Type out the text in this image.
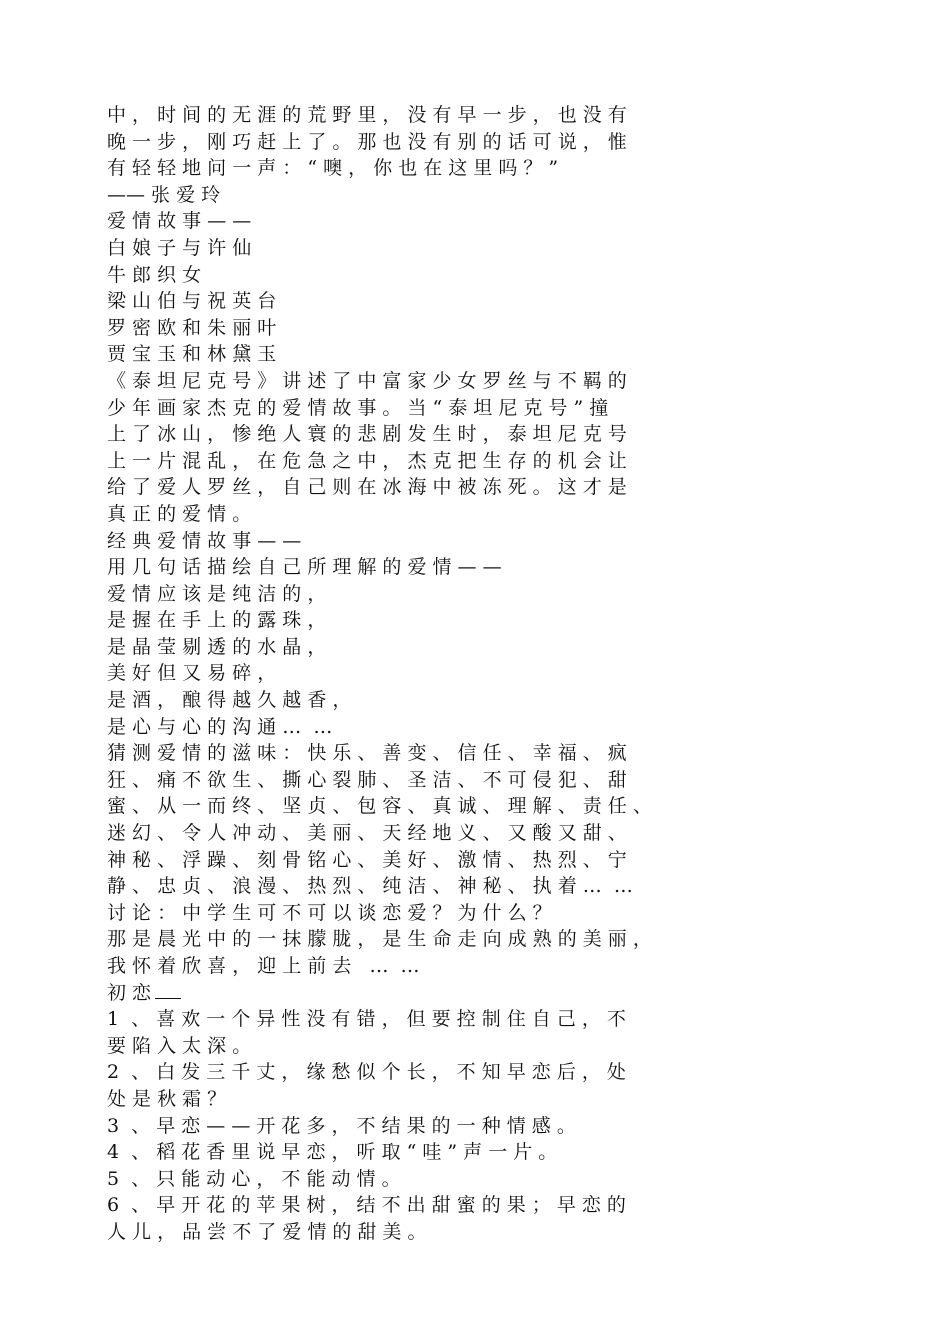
中 ， 时 间 的 无 涯 的 荒 野 里 ， 没 有 早 一 步 ， 也 没 有
晚 一 步 ， 刚 巧 赶 上 了 。 那 也 没 有 别 的 话 可 说 ， 惟
有 轻 轻 地 问 一 声 ： “ 噢 ， 你 也 在 这 里 吗 ？ ”
—— 张 爱 玲
爱 情 故 事 — —
白 娘 子 与 许 仙
牛 郎 织 女
梁 山 伯 与 祝 英 台
罗 密 欧 和 朱 丽 叶
贾 宝 玉 和 林 黛 玉
《 泰 坦 尼 克 号 》 讲 述 了 中 富 家 少 女 罗 丝 与 不 羁 的
少 年 画 家 杰 克 的 爱 情 故 事 。 当 “ 泰 坦 尼 克 号 ” 撞
上 了 冰 山 ， 惨 绝 人 寰 的 悲 剧 发 生 时 ， 泰 坦 尼 克 号
上 一 片 混 乱 ， 在 危 急 之 中 ， 杰 克 把 生 存 的 机 会 让
给 了 爱 人 罗 丝 ， 自 己 则 在 冰 海 中 被 冻 死 。 这 才 是
真 正 的 爱 情 。
经 典 爱 情 故 事 — —
用 几 句 话 描 绘 自 己 所 理 解 的 爱 情 — —
爱 情 应 该 是 纯 洁 的 ，
是 握 在 手 上 的 露 珠 ，
是 晶 莹 剔 透 的 水 晶 ，
美 好 但 又 易 碎 ，
是 酒 ， 酿 得 越 久 越 香 ，
是 心 与 心 的 沟 通 …  …
猜 测 爱 情 的 滋 味 ： 快 乐 、 善 变 、 信 任 、 幸 福 、 疯
狂 、 痛 不 欲 生 、 撕 心 裂 肺 、 圣 洁 、 不 可 侵 犯 、 甜
蜜 、 从 一 而 终 、 坚 贞 、 包 容 、 真 诚 、 理 解 、 责 任 、
迷 幻 、 令 人 冲 动 、 美 丽 、 天 经 地 义 、 又 酸 又 甜 、
神 秘 、 浮 躁 、 刻 骨 铭 心 、 美 好 、 激 情 、 热 烈 、 宁
静 、 忠 贞 、 浪 漫 、 热 烈 、 纯 洁 、 神 秘 、 执 着 …  …
讨 论 ： 中 学 生 可 不 可 以 谈 恋 爱 ？ 为 什 么 ？
那 是 晨 光 中 的 一 抹 朦 胧 ， 是 生 命 走 向 成 熟 的 美 丽 ，
我 怀 着 欣 喜 ， 迎 上 前 去   …  …
初 恋
1  、 喜 欢 一 个 异 性 没 有 错 ， 但 要 控 制 住 自 己 ， 不
要 陷 入 太 深 。
2  、 白 发 三 千 丈 ， 缘 愁 似 个 长 ， 不 知 早 恋 后 ， 处
处 是 秋 霜 ？
3  、 早 恋 — — 开 花 多 ， 不 结 果 的 一 种 情 感 。
4  、 稻 花 香 里 说 早 恋 ， 听 取 “ 哇 ” 声 一 片 。
5  、 只 能 动 心 ， 不 能 动 情 。
6  、 早 开 花 的 苹 果 树 ， 结 不 出 甜 蜜 的 果 ； 早 恋 的
人 儿 ， 品 尝 不 了 爱 情 的 甜 美 。
